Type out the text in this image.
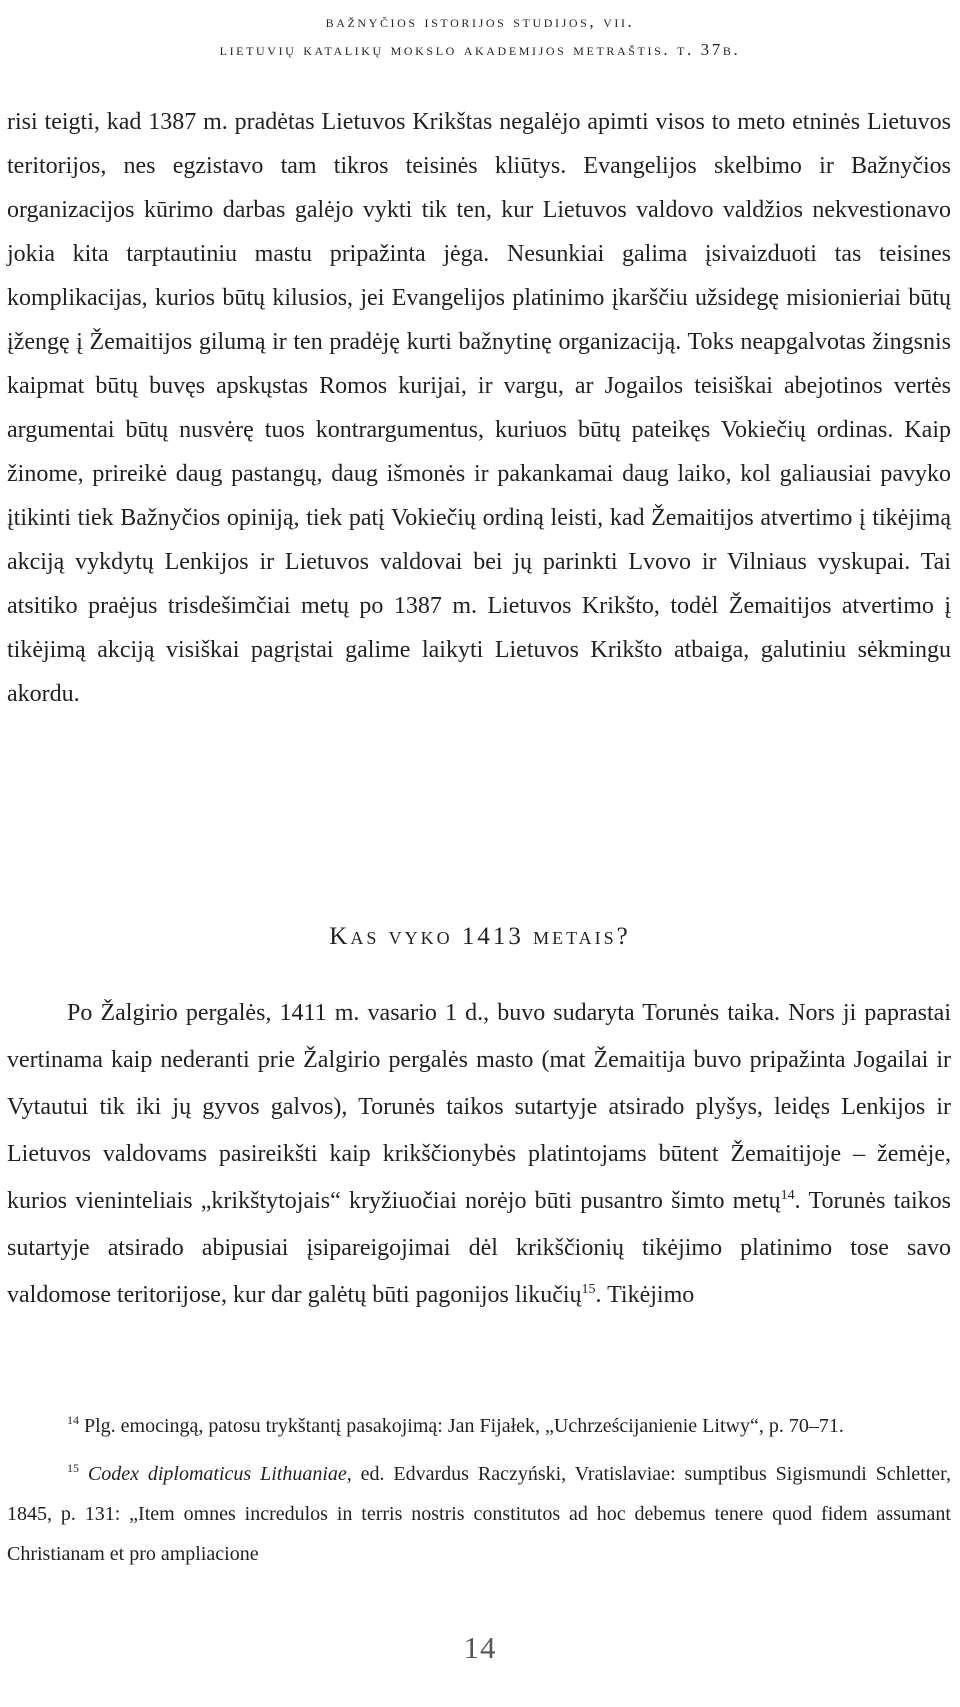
bažnyčios istorijos studijos, vii.
lietuvių katalikų mokslo akademijos metraštis. t. 37b.

risi teigti, kad 1387 m. pradėtas Lietuvos Krikštas negalėjo apimti visos to meto etninės Lietuvos teritorijos, nes egzistavo tam tikros teisinės kliūtys. Evangelijos skelbimo ir Bažnyčios organizacijos kūrimo darbas galėjo vykti tik ten, kur Lietuvos valdovo valdžios nekvestionavo jokia kita tarptautiniu mastu pripažinta jėga. Nesunkiai galima įsivaizduoti tas teisines komplikacijas, kurios būtų kilusios, jei Evangelijos platinimo įkarščiu užsidegę misionieriai būtų įžengę į Žemaitijos gilumą ir ten pradėję kurti bažnytinę organizaciją. Toks neapgalvotas žingsnis kaipmat būtų buvęs apskųstas Romos kurijai, ir vargu, ar Jogailos teisiškai abejotinos vertės argumentai būtų nusvėrę tuos kontrargumentus, kuriuos būtų pateikęs Vokiečių ordinas. Kaip žinome, prireikė daug pastangų, daug išmonės ir pakankamai daug laiko, kol galiausiai pavyko įtikinti tiek Bažnyčios opiniją, tiek patį Vokiečių ordiną leisti, kad Žemaitijos atvertimo į tikėjimą akciją vykdytų Lenkijos ir Lietuvos valdovai bei jų parinkti Lvovo ir Vilniaus vyskupai. Tai atsitiko praėjus trisdešimčiai metų po 1387 m. Lietuvos Krikšto, todėl Žemaitijos atvertimo į tikėjimą akciją visiškai pagrįstai galime laikyti Lietuvos Krikšto atbaiga, galutiniu sėkmingu akordu.

Kas vyko 1413 metais?

Po Žalgirio pergalės, 1411 m. vasario 1 d., buvo sudaryta Torunės taika. Nors ji paprastai vertinama kaip nederanti prie Žalgirio pergalės masto (mat Žemaitija buvo pripažinta Jogailai ir Vytautui tik iki jų gyvos galvos), Torunės taikos sutartyje atsirado plyšys, leidęs Lenkijos ir Lietuvos valdovams pasireikšti kaip krikščionybės platintojams būtent Žemaitijoje – žemėje, kurios vieninteliais „krikštytojais“ kryžiuočiai norėjo būti pusantro šimto metų$^{14}$. Torunės taikos sutartyje atsirado abipusiai įsipareigojimai dėl krikščionių tikėjimo platinimo tose savo valdomose teritorijose, kur dar galėtų būti pagonijos likučių$^{15}$. Tikėjimo

$^{14}$ Plg. emocingą, patosu trykštantį pasakojimą: Jan Fijałek, „Uchrześcijanienie Litwy“, p. 70–71.

$^{15}$ Codex diplomaticus Lithuaniae, ed. Edvardus Raczyński, Vratislaviae: sumptibus Sigismundi Schletter, 1845, p. 131: „Item omnes incredulos in terris nostris constitutos ad hoc debemus tenere quod fidem assumant Christianam et pro ampliacione

14
